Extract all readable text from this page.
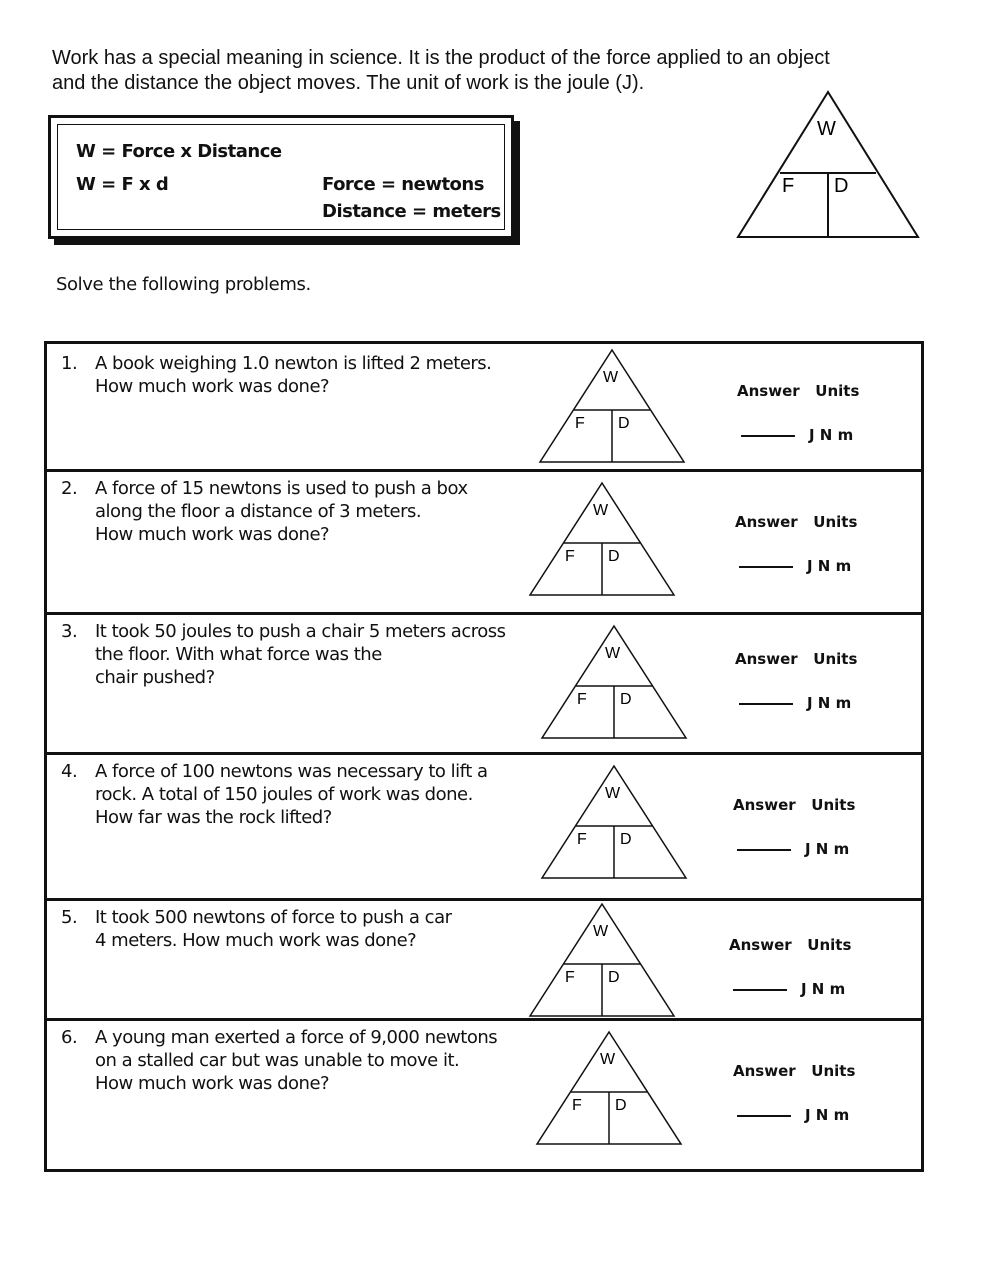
Work has a special meaning in science. It is the product of the force applied to an object
and the distance the object moves. The unit of work is the joule (J).
W = Force x Distance
W = F x d	Force = newtons
Distance = meters
W
F D
Solve the following problems.
1. A book weighing 1.0 newton is lifted 2 meters.
How much work was done?	W
F D
Answer   Units
J N m
2. A force of 15 newtons is used to push a box
along the floor a distance of 3 meters.
How much work was done?
W
F D
Answer   Units
J N m
3. It took 50 joules to push a chair 5 meters across
the floor. With what force was the
chair pushed?
W
F D
Answer   Units
J N m
4. A force of 100 newtons was necessary to lift a
rock. A total of 150 joules of work was done.
How far was the rock lifted?
W
F D
Answer   Units
J N m
5. It took 500 newtons of force to push a car
4 meters. How much work was done?	W
F D
Answer   Units
J N m
6. A young man exerted a force of 9,000 newtons
on a stalled car but was unable to move it.
How much work was done?
W
F D
Answer   Units
J N m
